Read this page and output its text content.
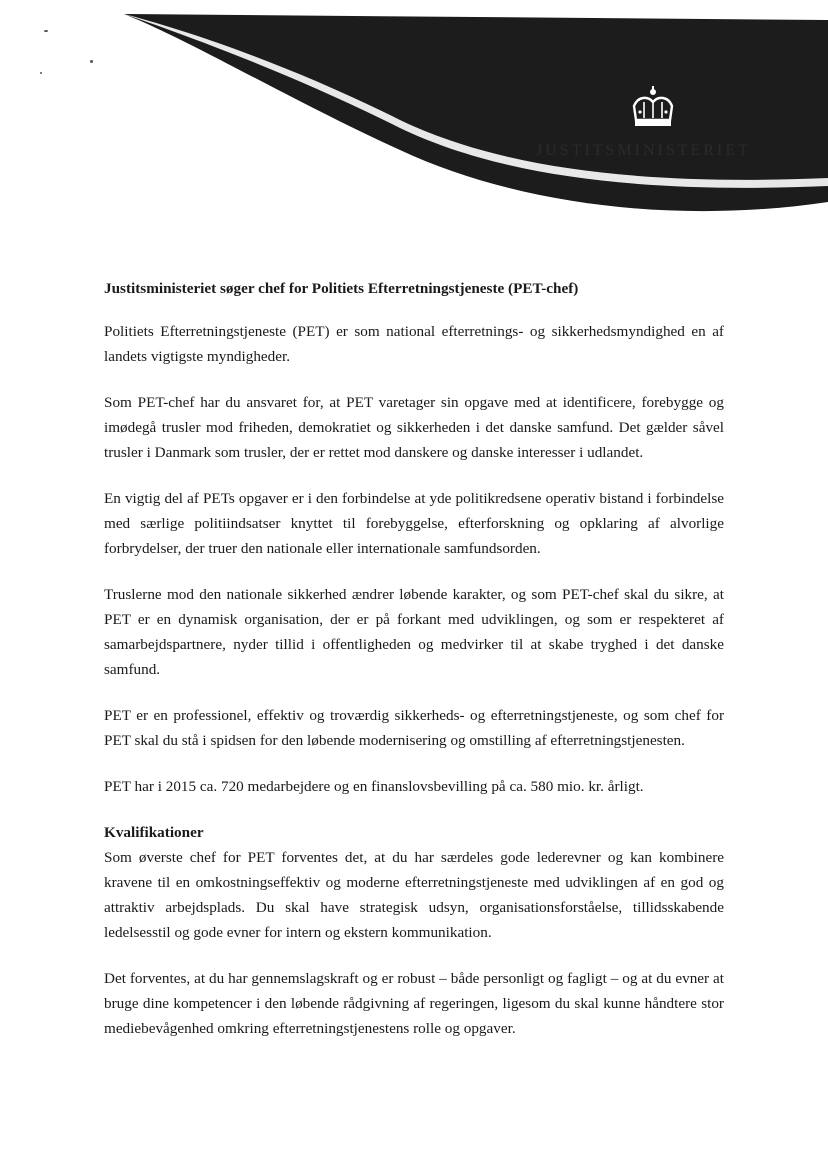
JUSTITSMINISTERIET
Justitsministeriet søger chef for Politiets Efterretningstjeneste (PET-chef)

Politiets Efterretningstjeneste (PET) er som national efterretnings- og sikkerhedsmyndighed en af landets vigtigste myndigheder.

Som PET-chef har du ansvaret for, at PET varetager sin opgave med at identificere, forebygge og imødegå trusler mod friheden, demokratiet og sikkerheden i det danske samfund. Det gælder såvel trusler i Danmark som trusler, der er rettet mod danskere og danske interesser i udlandet.

En vigtig del af PETs opgaver er i den forbindelse at yde politikredsene operativ bistand i forbindelse med særlige politiindsatser knyttet til forebyggelse, efterforskning og opklaring af alvorlige forbrydelser, der truer den nationale eller internationale samfundsorden.

Truslerne mod den nationale sikkerhed ændrer løbende karakter, og som PET-chef skal du sikre, at PET er en dynamisk organisation, der er på forkant med udviklingen, og som er respekteret af samarbejdspartnere, nyder tillid i offentligheden og medvirker til at skabe tryghed i det danske samfund.

PET er en professionel, effektiv og troværdig sikkerheds- og efterretningstjeneste, og som chef for PET skal du stå i spidsen for den løbende modernisering og omstilling af efterretningstjenesten.

PET har i 2015 ca. 720 medarbejdere og en finanslovsbevilling på ca. 580 mio. kr. årligt.

Kvalifikationer

Som øverste chef for PET forventes det, at du har særdeles gode lederevner og kan kombinere kravene til en omkostningseffektiv og moderne efterretningstjeneste med udviklingen af en god og attraktiv arbejdsplads. Du skal have strategisk udsyn, organisationsforståelse, tillidsskabende ledelsesstil og gode evner for intern og ekstern kommunikation.

Det forventes, at du har gennemslagskraft og er robust – både personligt og fagligt – og at du evner at bruge dine kompetencer i den løbende rådgivning af regeringen, ligesom du skal kunne håndtere stor mediebevågenhed omkring efterretningstjenestens rolle og opgaver.
